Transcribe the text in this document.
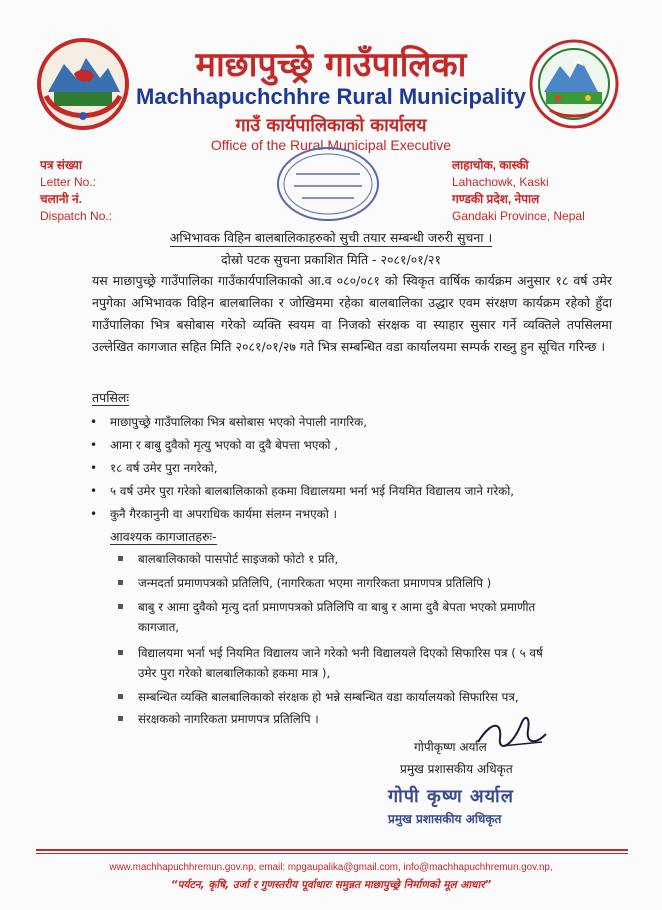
माछापुच्छ्रे गाउँपालिका
Machhapuchchhre Rural Municipality
गाउँ कार्यपालिकाको कार्यालय
Office of the Rural Municipal Executive
पत्र संख्या
Letter No.:
चलानी नं.
Dispatch No.:
लाहाचोक, कास्की
Lahachowk, Kaski
गण्डकी प्रदेश, नेपाल
Gandaki Province, Nepal
अभिभावक विहिन बालबालिकाहरुको सुची तयार सम्बन्धी जरुरी सुचना ।
दोस्रो पटक सुचना प्रकाशित मिति - २०८१/०१/२१
यस माछापुच्छ्रे गाउँपालिका गाउँकार्यपालिकाको आ.व ०८०/०८१ को स्विकृत वार्षिक कार्यक्रम अनुसार १८ वर्ष उमेर नपुगेका अभिभावक विहिन बालबालिका र जोखिममा रहेका बालबालिका उद्धार एवम संरक्षण कार्यक्रम रहेको हुँदा गाउँपालिका भित्र बसोबास गरेको व्यक्ति स्वयम वा निजको संरक्षक वा स्याहार सुसार गर्ने व्यक्तिले तपसिलमा उल्लेखित कागजात सहित मिति २०८१/०१/२७ गते भित्र सम्बन्धित वडा कार्यालयमा सम्पर्क राख्नु हुन सूचित गरिन्छ ।
तपसिलः
• माछापुच्छ्रे गाउँपालिका भित्र बसोबास भएको नेपाली नागरिक,
• आमा र बाबु दुवैको मृत्यु भएको वा दुवै बेपत्ता भएको ,
• १८ वर्ष उमेर पुरा नगरेको,
• ५ वर्ष उमेर पुरा गरेको बालबालिकाको हकमा विद्यालयमा भर्ना भई नियमित विद्यालय जाने गरेको,
• कुनै गैरकानुनी वा अपराधिक कार्यमा संलग्न नभएको ।
आवश्यक कागजातहरुः-
बालबालिकाको पासपोर्ट साइजको फोटो १ प्रति,
जन्मदर्ता प्रमाणपत्रको प्रतिलिपि, (नागरिकता भएमा नागरिकता प्रमाणपत्र प्रतिलिपि )
बाबु र आमा दुवैको मृत्यु दर्ता प्रमाणपत्रको प्रतिलिपि वा बाबु र आमा दुवै बेपता भएको प्रमाणीत
कागजात,
विद्यालयमा भर्ना भई नियमित विद्यालय जाने गरेको भनी विद्यालयले दिएको सिफारिस पत्र ( ५ वर्ष
उमेर पुरा गरेको बालबालिकाको हकमा मात्र ),
सम्बन्धित व्यक्ति बालबालिकाको संरक्षक हो भन्ने सम्बन्धित वडा कार्यालयको सिफारिस पत्र,
संरक्षकको नागरिकता प्रमाणपत्र प्रतिलिपि ।
गोपीकृष्ण अर्याल
प्रमुख प्रशासकीय अधिकृत
गोपी कृष्ण अर्याल
प्रमुख प्रशासकीय अधिकृत
www.machhapuchhremun.gov.np, email: mpgaupalika@gmail.com, info@machhapuchhremun.gov.np,
“पर्यटन, कृषि, उर्जा र गुणस्तरीय पूर्वाधारः समुन्नत माछापुच्छ्रे निर्माणको मूल आधार”
